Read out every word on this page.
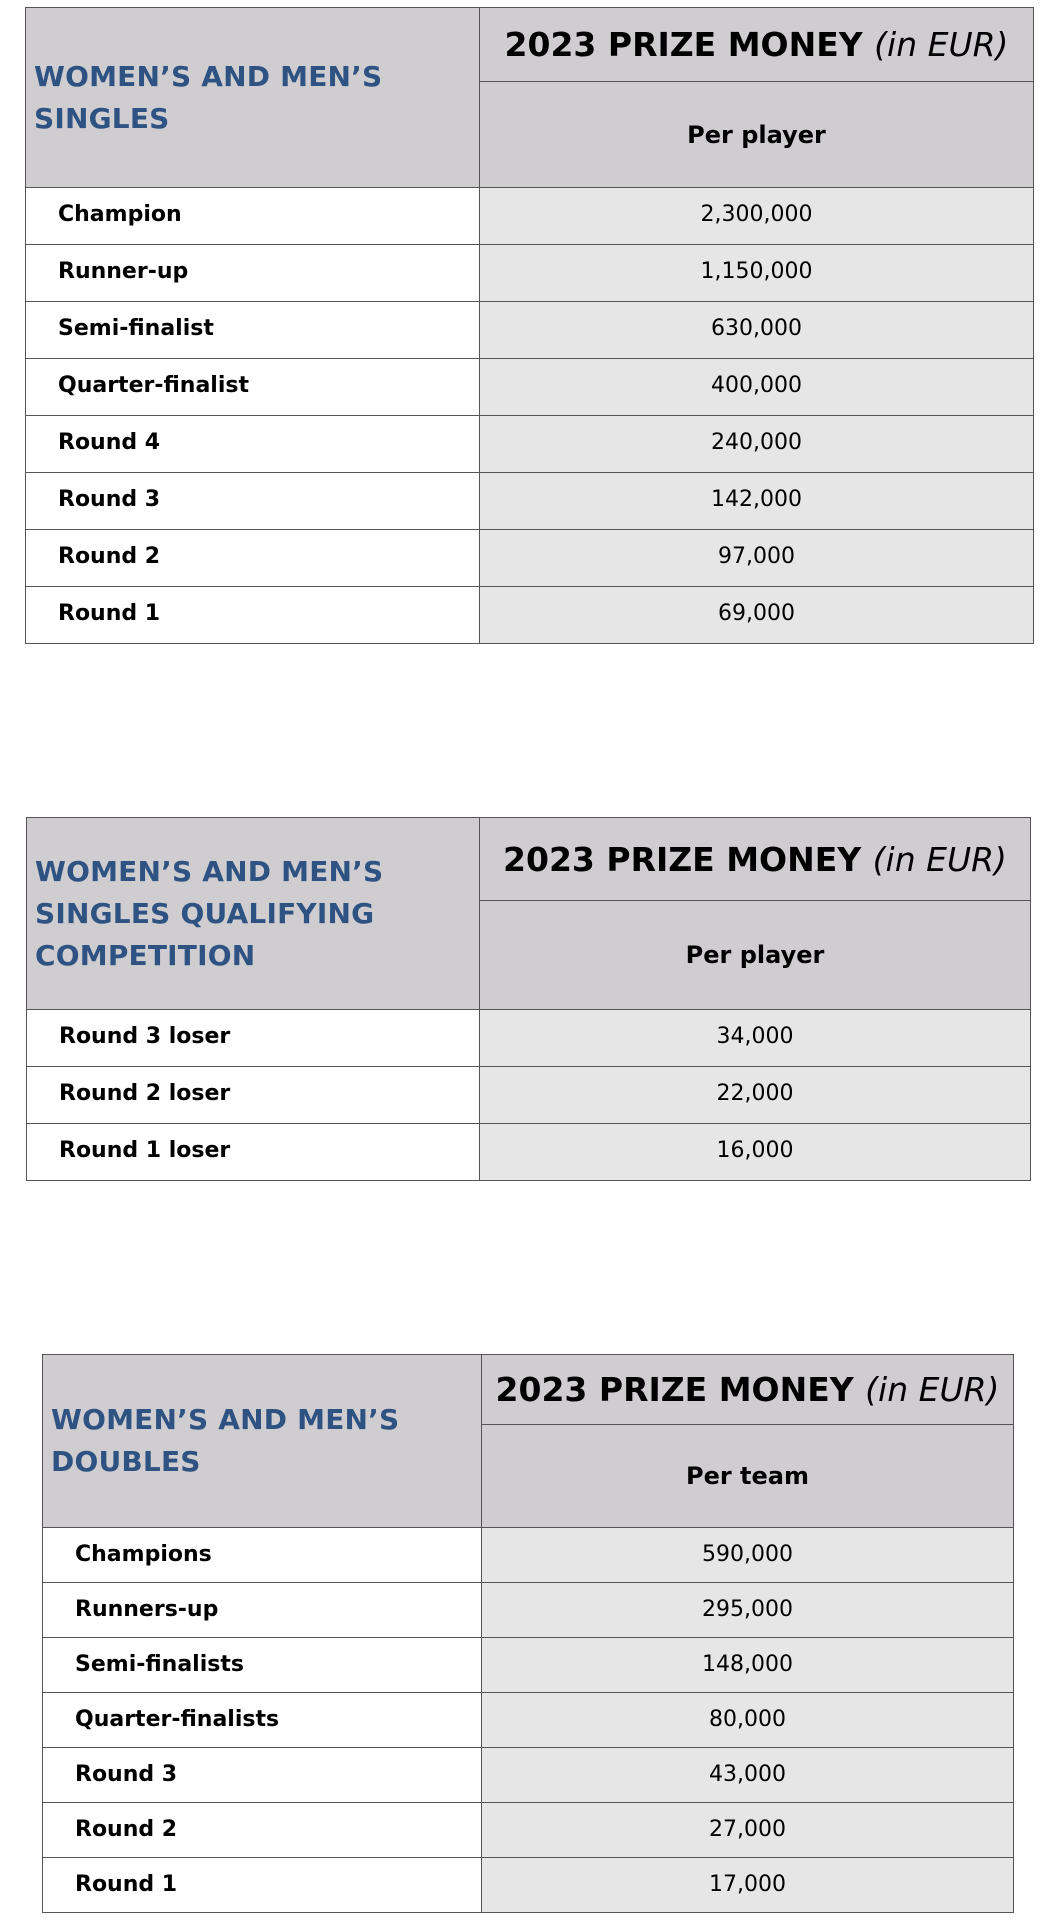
WOMEN’S AND MEN’S
SINGLES	2023 PRIZE MONEY (in EUR)
	Per player
Champion	2,300,000
Runner-up	1,150,000
Semi-finalist	630,000
Quarter-finalist	400,000
Round 4	240,000
Round 3	142,000
Round 2	97,000
Round 1	69,000
WOMEN’S AND MEN’S
SINGLES QUALIFYING
COMPETITION	2023 PRIZE MONEY (in EUR)
	Per player
Round 3 loser	34,000
Round 2 loser	22,000
Round 1 loser	16,000
WOMEN’S AND MEN’S
DOUBLES	2023 PRIZE MONEY (in EUR)
	Per team
Champions	590,000
Runners-up	295,000
Semi-finalists	148,000
Quarter-finalists	80,000
Round 3	43,000
Round 2	27,000
Round 1	17,000
